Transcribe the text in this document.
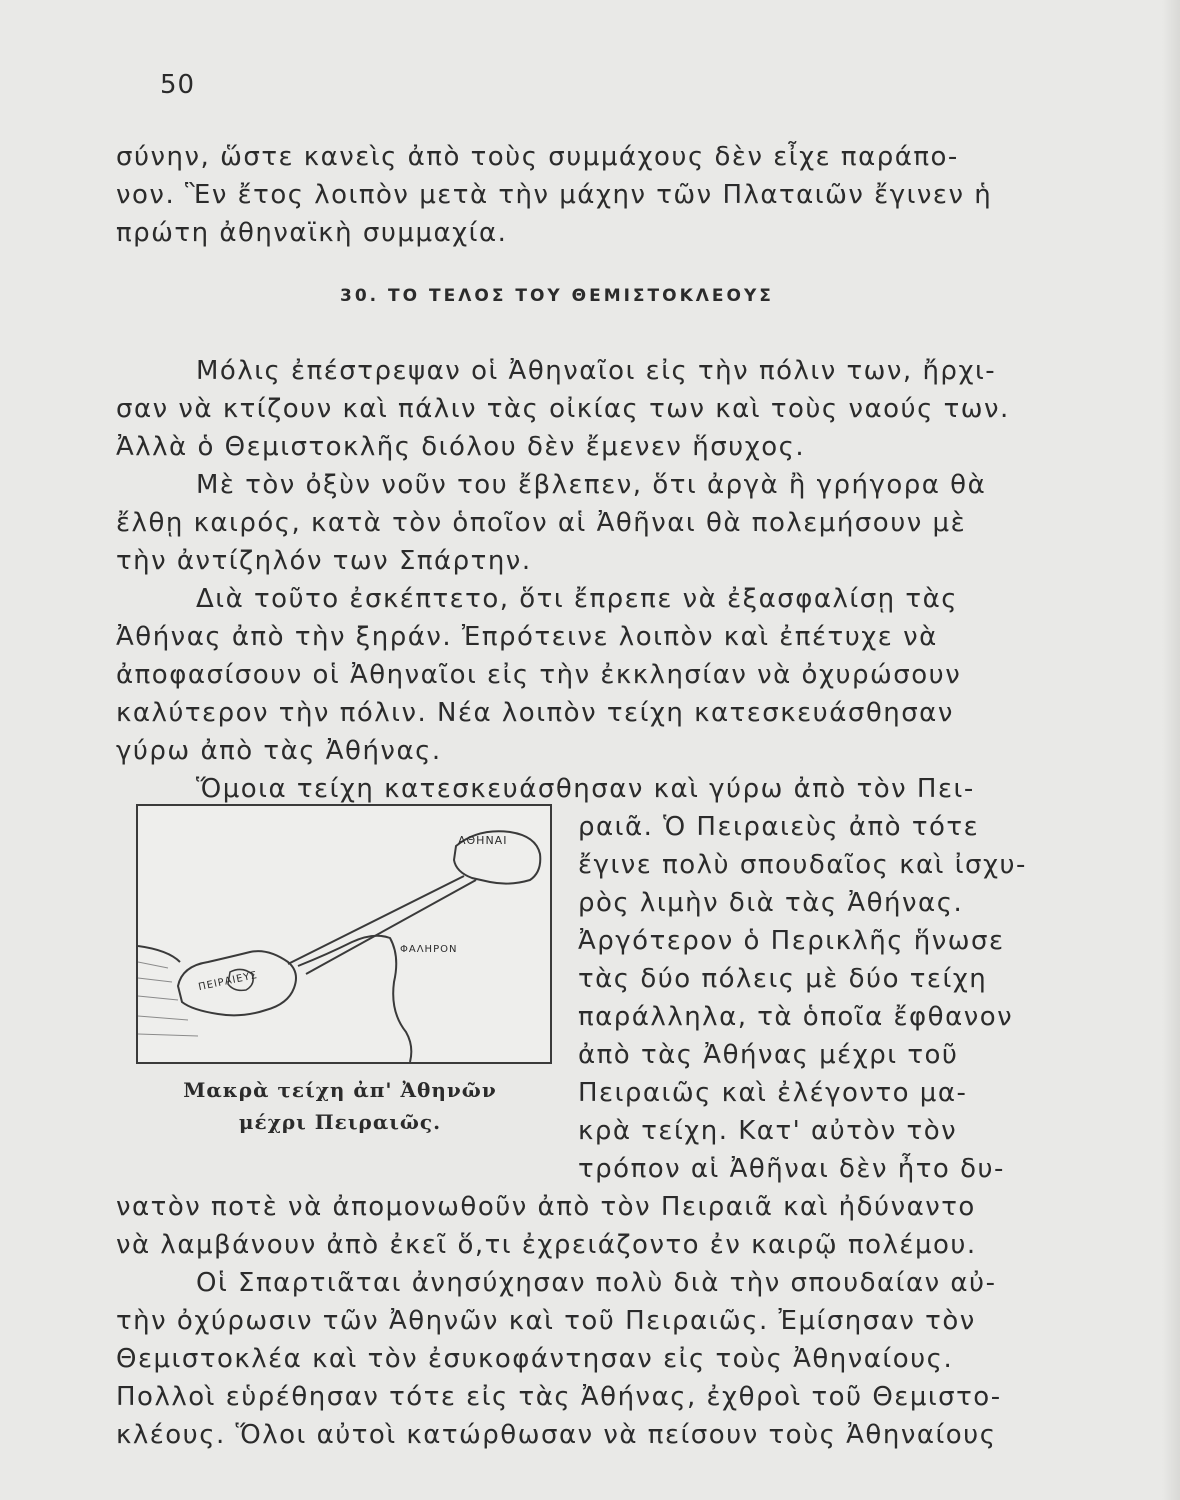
50
σύνην, ὥστε κανεὶς ἀπὸ τοὺς συμμάχους δὲν εἶχε παράπο-
νον. Ἓν ἔτος λοιπὸν μετὰ τὴν μάχην τῶν Πλαταιῶν ἔγινεν ἡ
πρώτη ἀθηναϊκὴ συμμαχία.
30. ΤΟ ΤΕΛΟΣ ΤΟΥ ΘΕΜΙΣΤΟΚΛΕΟΥΣ
Μόλις ἐπέστρεψαν οἱ Ἀθηναῖοι εἰς τὴν πόλιν των, ἤρχι-
σαν νὰ κτίζουν καὶ πάλιν τὰς οἰκίας των καὶ τοὺς ναούς των.
Ἀλλὰ ὁ Θεμιστοκλῆς διόλου δὲν ἔμενεν ἥσυχος.
Μὲ τὸν ὀξὺν νοῦν του ἔβλεπεν, ὅτι ἀργὰ ἢ γρήγορα θὰ
ἔλθῃ καιρός, κατὰ τὸν ὁποῖον αἱ Ἀθῆναι θὰ πολεμήσουν μὲ
τὴν ἀντίζηλόν των Σπάρτην.
Διὰ τοῦτο ἐσκέπτετο, ὅτι ἔπρεπε νὰ ἐξασφαλίσῃ τὰς
Ἀθήνας ἀπὸ τὴν ξηράν. Ἐπρότεινε λοιπὸν καὶ ἐπέτυχε νὰ
ἀποφασίσουν οἱ Ἀθηναῖοι εἰς τὴν ἐκκλησίαν νὰ ὀχυρώσουν
καλύτερον τὴν πόλιν. Νέα λοιπὸν τείχη κατεσκευάσθησαν
γύρω ἀπὸ τὰς Ἀθήνας.
Ὅμοια τείχη κατεσκευάσθησαν καὶ γύρω ἀπὸ τὸν Πει-
ραιᾶ. Ὁ Πειραιεὺς ἀπὸ τότε
ἔγινε πολὺ σπουδαῖος καὶ ἰσχυ-
ρὸς λιμὴν διὰ τὰς Ἀθήνας.
Ἀργότερον ὁ Περικλῆς ἥνωσε
τὰς δύο πόλεις μὲ δύο τείχη
παράλληλα, τὰ ὁποῖα ἔφθανον
ἀπὸ τὰς Ἀθήνας μέχρι τοῦ
Πειραιῶς καὶ ἐλέγοντο μα-
κρὰ τείχη. Κατ' αὐτὸν τὸν
τρόπον αἱ Ἀθῆναι δὲν ἦτο δυ-
ΑΘΗΝΑΙ
ΦΑΛΗΡΟΝ
ΠΕΙΡΑΙΕΥΣ
Μακρὰ τείχη ἀπ' Ἀθηνῶν
μέχρι Πειραιῶς.
νατὸν ποτὲ νὰ ἀπομονωθοῦν ἀπὸ τὸν Πειραιᾶ καὶ ἠδύναντο
νὰ λαμβάνουν ἀπὸ ἐκεῖ ὅ,τι ἐχρειάζοντο ἐν καιρῷ πολέμου.
Οἱ Σπαρτιᾶται ἀνησύχησαν πολὺ διὰ τὴν σπουδαίαν αὐ-
τὴν ὀχύρωσιν τῶν Ἀθηνῶν καὶ τοῦ Πειραιῶς. Ἐμίσησαν τὸν
Θεμιστοκλέα καὶ τὸν ἐσυκοφάντησαν εἰς τοὺς Ἀθηναίους.
Πολλοὶ εὑρέθησαν τότε εἰς τὰς Ἀθήνας, ἐχθροὶ τοῦ Θεμιστο-
κλέους. Ὅλοι αὐτοὶ κατώρθωσαν νὰ πείσουν τοὺς Ἀθηναίους
